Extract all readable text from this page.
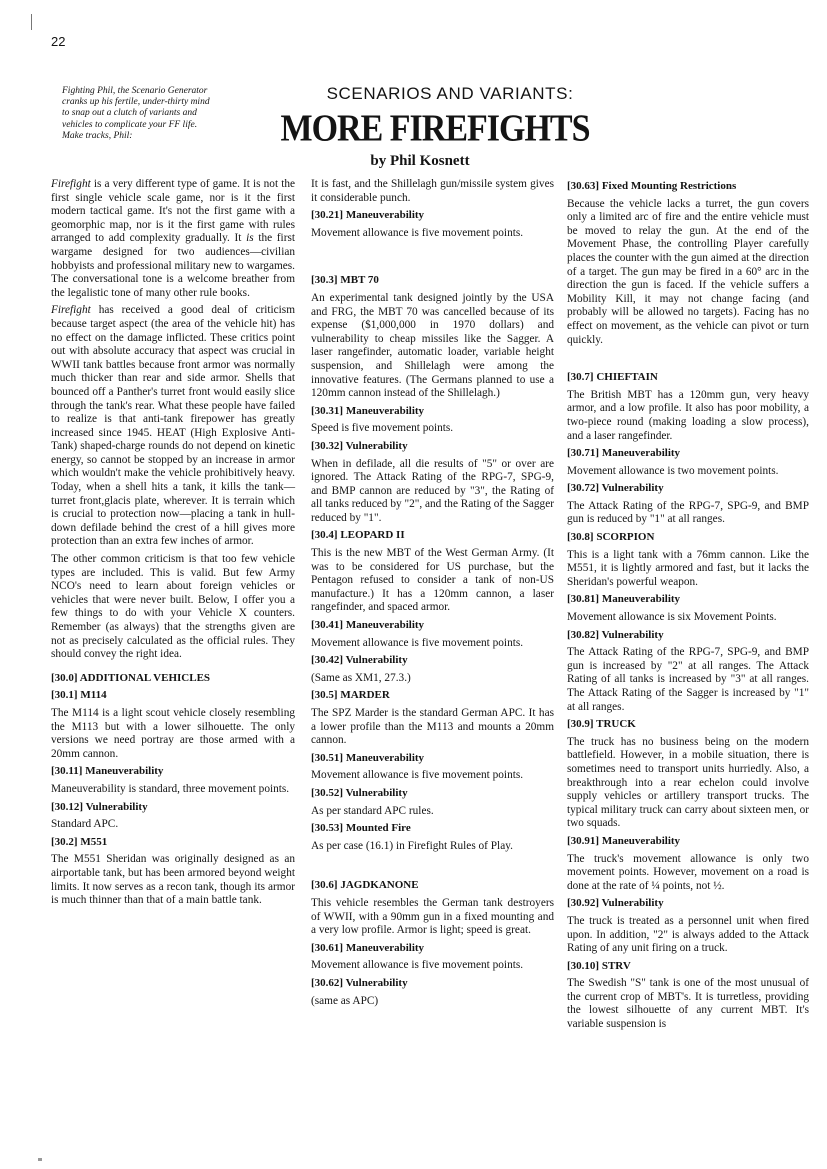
22
Fighting Phil, the Scenario Generator cranks up his fertile, under-thirty mind to snap out a clutch of variants and vehicles to complicate your FF life. Make tracks, Phil:
SCENARIOS AND VARIANTS:
MORE FIREFIGHTS
by Phil Kosnett

Firefight is a very different type of game. It is not the first single vehicle scale game, nor is it the first modern tactical game. It's not the first game with a geomorphic map, nor is it the first game with rules arranged to add complexity gradually. It is the first wargame designed for two audiences—civilian hobbyists and professional military new to wargames. The conversational tone is a welcome breather from the legalistic tone of many other rule books.

Firefight has received a good deal of criticism because target aspect (the area of the vehicle hit) has no effect on the damage inflicted. These critics point out with absolute accuracy that aspect was crucial in WWII tank battles because front armor was normally much thicker than rear and side armor. Shells that bounced off a Panther's turret front would easily slice through the tank's rear. What these people have failed to realize is that anti-tank firepower has greatly increased since 1945. HEAT (High Explosive Anti-Tank) shaped-charge rounds do not depend on kinetic energy, so cannot be stopped by an increase in armor which wouldn't make the vehicle prohibitively heavy. Today, when a shell hits a tank, it kills the tank—turret front,glacis plate, wherever. It is terrain which is crucial to protection now—placing a tank in hull-down defilade behind the crest of a hill gives more protection than an extra few inches of armor.

The other common criticism is that too few vehicle types are included. This is valid. But few Army NCO's need to learn about foreign vehicles or vehicles that were never built. Below, I offer you a few things to do with your Vehicle X counters. Remember (as always) that the strengths given are not as precisely calculated as the official rules. They should convey the right idea.

[30.0] ADDITIONAL VEHICLES

[30.1] M114

The M114 is a light scout vehicle closely resembling the M113 but with a lower silhouette. The only versions we need portray are those armed with a 20mm cannon.

[30.11] Maneuverability

Maneuverability is standard, three movement points.

[30.12] Vulnerability

Standard APC.

[30.2] M551

The M551 Sheridan was originally designed as an airportable tank, but has been armored beyond weight limits. It now serves as a recon tank, though its armor is much thinner than that of a main battle tank.

It is fast, and the Shillelagh gun/missile system gives it considerable punch.

[30.21] Maneuverability

Movement allowance is five movement points.

[30.3] MBT 70

An experimental tank designed jointly by the USA and FRG, the MBT 70 was cancelled because of its expense ($1,000,000 in 1970 dollars) and vulnerability to cheap missiles like the Sagger. A laser rangefinder, automatic loader, variable height suspension, and Shillelagh were among the innovative features. (The Germans planned to use a 120mm cannon instead of the Shillelagh.)

[30.31] Maneuverability

Speed is five movement points.

[30.32] Vulnerability

When in defilade, all die results of "5" or over are ignored. The Attack Rating of the RPG-7, SPG-9, and BMP cannon are reduced by "3", the Rating of all tanks reduced by "2", and the Rating of the Sagger reduced by "1".

[30.4] LEOPARD II

This is the new MBT of the West German Army. (It was to be considered for US purchase, but the Pentagon refused to consider a tank of non-US manufacture.) It has a 120mm cannon, a laser rangefinder, and spaced armor.

[30.41] Maneuverability

Movement allowance is five movement points.

[30.42] Vulnerability

(Same as XM1, 27.3.)

[30.5] MARDER

The SPZ Marder is the standard German APC. It has a lower profile than the M113 and mounts a 20mm cannon.

[30.51] Maneuverability

Movement allowance is five movement points.

[30.52] Vulnerability

As per standard APC rules.

[30.53] Mounted Fire

As per case (16.1) in Firefight Rules of Play.

[30.6] JAGDKANONE

This vehicle resembles the German tank destroyers of WWII, with a 90mm gun in a fixed mounting and a very low profile. Armor is light; speed is great.

[30.61] Maneuverability

Movement allowance is five movement points.

[30.62] Vulnerability

(same as APC)

[30.63] Fixed Mounting Restrictions

Because the vehicle lacks a turret, the gun covers only a limited arc of fire and the entire vehicle must be moved to relay the gun. At the end of the Movement Phase, the controlling Player carefully places the counter with the gun aimed at the direction of a target. The gun may be fired in a 60° arc in the direction the gun is faced. If the vehicle suffers a Mobility Kill, it may not change facing (and probably will be allowed no targets). Facing has no effect on movement, as the vehicle can pivot or turn quickly.

[30.7] CHIEFTAIN

The British MBT has a 120mm gun, very heavy armor, and a low profile. It also has poor mobility, a two-piece round (making loading a slow process), and a laser rangefinder.

[30.71] Maneuverability

Movement allowance is two movement points.

[30.72] Vulnerability

The Attack Rating of the RPG-7, SPG-9, and BMP gun is reduced by "1" at all ranges.

[30.8] SCORPION

This is a light tank with a 76mm cannon. Like the M551, it is lightly armored and fast, but it lacks the Sheridan's powerful weapon.

[30.81] Maneuverability

Movement allowance is six Movement Points.

[30.82] Vulnerability

The Attack Rating of the RPG-7, SPG-9, and BMP gun is increased by "2" at all ranges. The Attack Rating of all tanks is increased by "3" at all ranges. The Attack Rating of the Sagger is increased by "1" at all ranges.

[30.9] TRUCK

The truck has no business being on the modern battlefield. However, in a mobile situation, there is sometimes need to transport units hurriedly. Also, a breakthrough into a rear echelon could involve supply vehicles or artillery transport trucks. The typical military truck can carry about sixteen men, or two squads.

[30.91] Maneuverability

The truck's movement allowance is only two movement points. However, movement on a road is done at the rate of ¼ points, not ½.

[30.92] Vulnerability

The truck is treated as a personnel unit when fired upon. In addition, "2" is always added to the Attack Rating of any unit firing on a truck.

[30.10] STRV

The Swedish "S" tank is one of the most unusual of the current crop of MBT's. It is turretless, providing the lowest silhouette of any current MBT. It's variable suspension is
